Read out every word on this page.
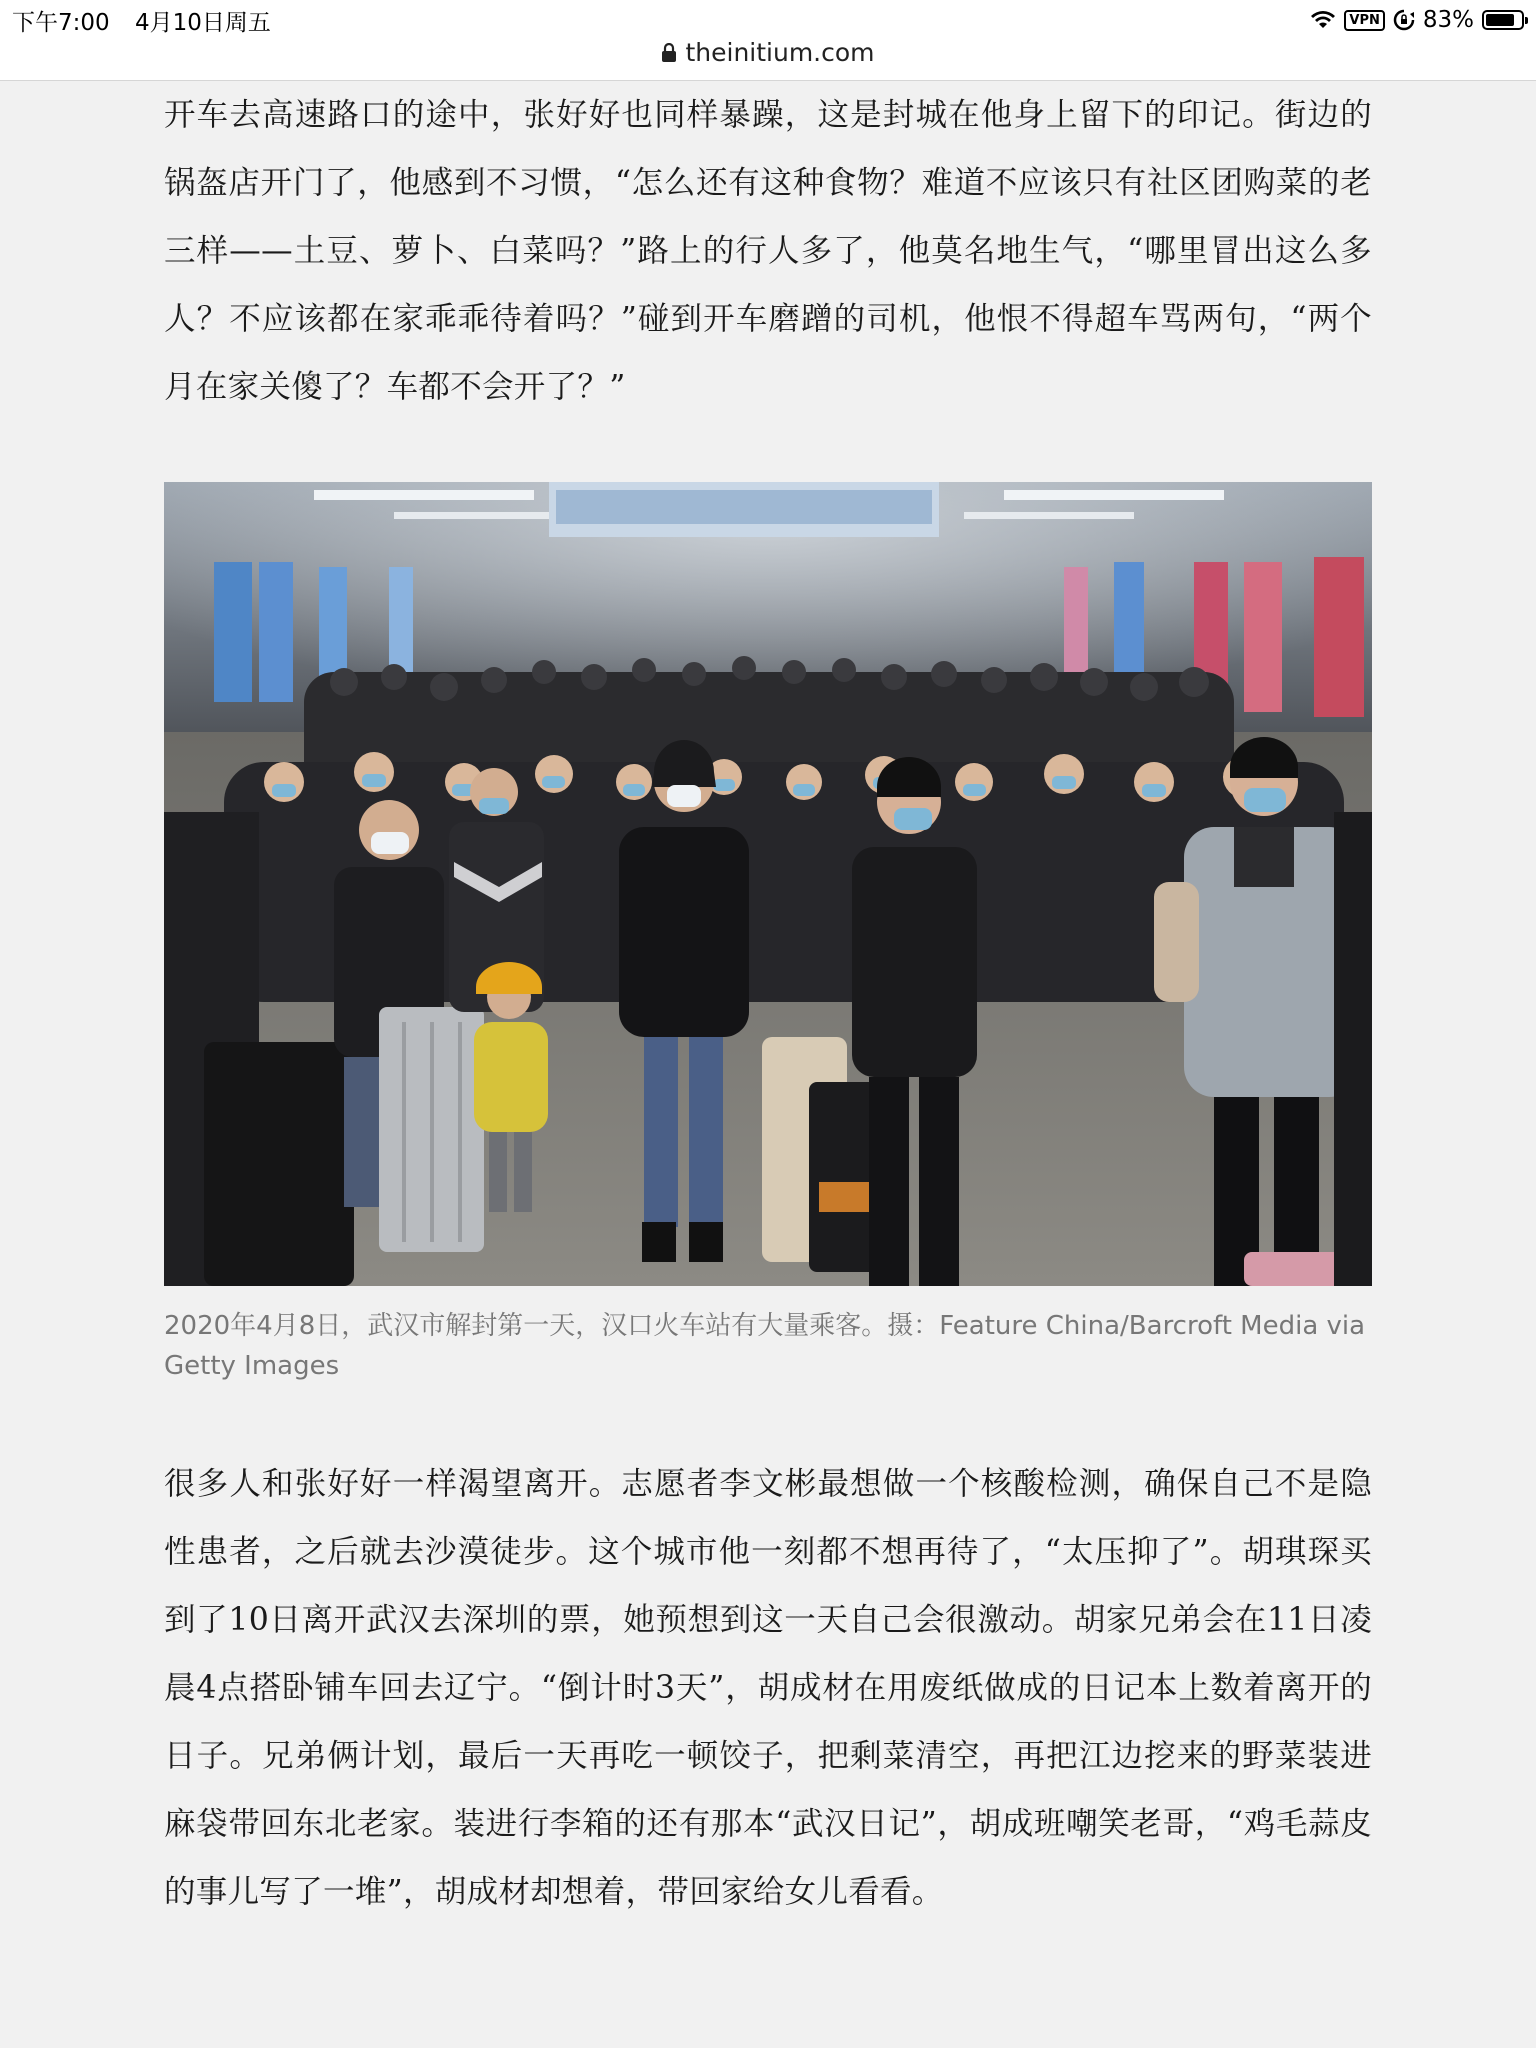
下午7:00 4月10日周五	VPN 83%
theinitium.com

开车去高速路口的途中，张好好也同样暴躁，这是封城在他身上留下的印记。街边的锅盔店开门了，他感到不习惯，“怎么还有这种食物？难道不应该只有社区团购菜的老三样——土豆、萝卜、白菜吗？”路上的行人多了，他莫名地生气，“哪里冒出这么多人？不应该都在家乖乖待着吗？”碰到开车磨蹭的司机，他恨不得超车骂两句，“两个月在家关傻了？车都不会开了？”

2020年4月8日，武汉市解封第一天，汉口火车站有大量乘客。摄：Feature China/Barcroft Media via Getty Images

很多人和张好好一样渴望离开。志愿者李文彬最想做一个核酸检测，确保自己不是隐性患者，之后就去沙漠徒步。这个城市他一刻都不想再待了，“太压抑了”。胡琪琛买到了10日离开武汉去深圳的票，她预想到这一天自己会很激动。胡家兄弟会在11日凌晨4点搭卧铺车回去辽宁。“倒计时3天”，胡成材在用废纸做成的日记本上数着离开的日子。兄弟俩计划，最后一天再吃一顿饺子，把剩菜清空，再把江边挖来的野菜装进麻袋带回东北老家。装进行李箱的还有那本“武汉日记”，胡成班嘲笑老哥，“鸡毛蒜皮的事儿写了一堆”，胡成材却想着，带回家给女儿看看。
